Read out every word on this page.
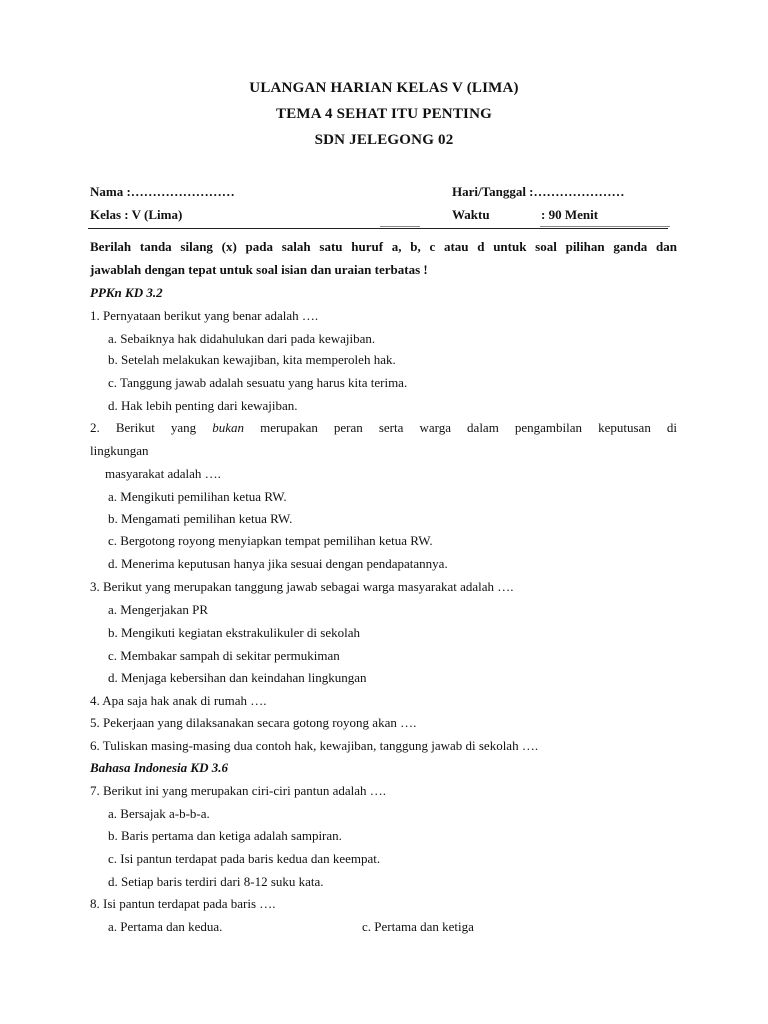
ULANGAN HARIAN KELAS V (LIMA)
TEMA 4 SEHAT ITU PENTING
SDN JELEGONG 02
Nama :……………………	Hari/Tanggal :…………………
Kelas : V (Lima)	Waktu	: 90 Menit
Berilah tanda silang (x) pada salah satu huruf a, b, c atau d untuk soal pilihan ganda dan
jawablah dengan tepat untuk soal isian dan uraian terbatas !
PPKn KD 3.2
1. Pernyataan berikut yang benar adalah ….
a. Sebaiknya hak didahulukan dari pada kewajiban.
b. Setelah melakukan kewajiban, kita memperoleh hak.
c. Tanggung jawab adalah sesuatu yang harus kita terima.
d. Hak lebih penting dari kewajiban.
2. Berikut yang bukan merupakan peran serta warga dalam pengambilan keputusan di
lingkungan
masyarakat adalah ….
a. Mengikuti pemilihan ketua RW.
b. Mengamati pemilihan ketua RW.
c. Bergotong royong menyiapkan tempat pemilihan ketua RW.
d. Menerima keputusan hanya jika sesuai dengan pendapatannya.
3. Berikut yang merupakan tanggung jawab sebagai warga masyarakat adalah ….
a. Mengerjakan PR
b. Mengikuti kegiatan ekstrakulikuler di sekolah
c. Membakar sampah di sekitar permukiman
d. Menjaga kebersihan dan keindahan lingkungan
4. Apa saja hak anak di rumah ….
5. Pekerjaan yang dilaksanakan secara gotong royong akan ….
6. Tuliskan masing-masing dua contoh hak, kewajiban, tanggung jawab di sekolah ….
Bahasa Indonesia KD 3.6
7. Berikut ini yang merupakan ciri-ciri pantun adalah ….
a. Bersajak a-b-b-a.
b. Baris pertama dan ketiga adalah sampiran.
c. Isi pantun terdapat pada baris kedua dan keempat.
d. Setiap baris terdiri dari 8-12 suku kata.
8. Isi pantun terdapat pada baris ….
a. Pertama dan kedua.	c. Pertama dan ketiga
